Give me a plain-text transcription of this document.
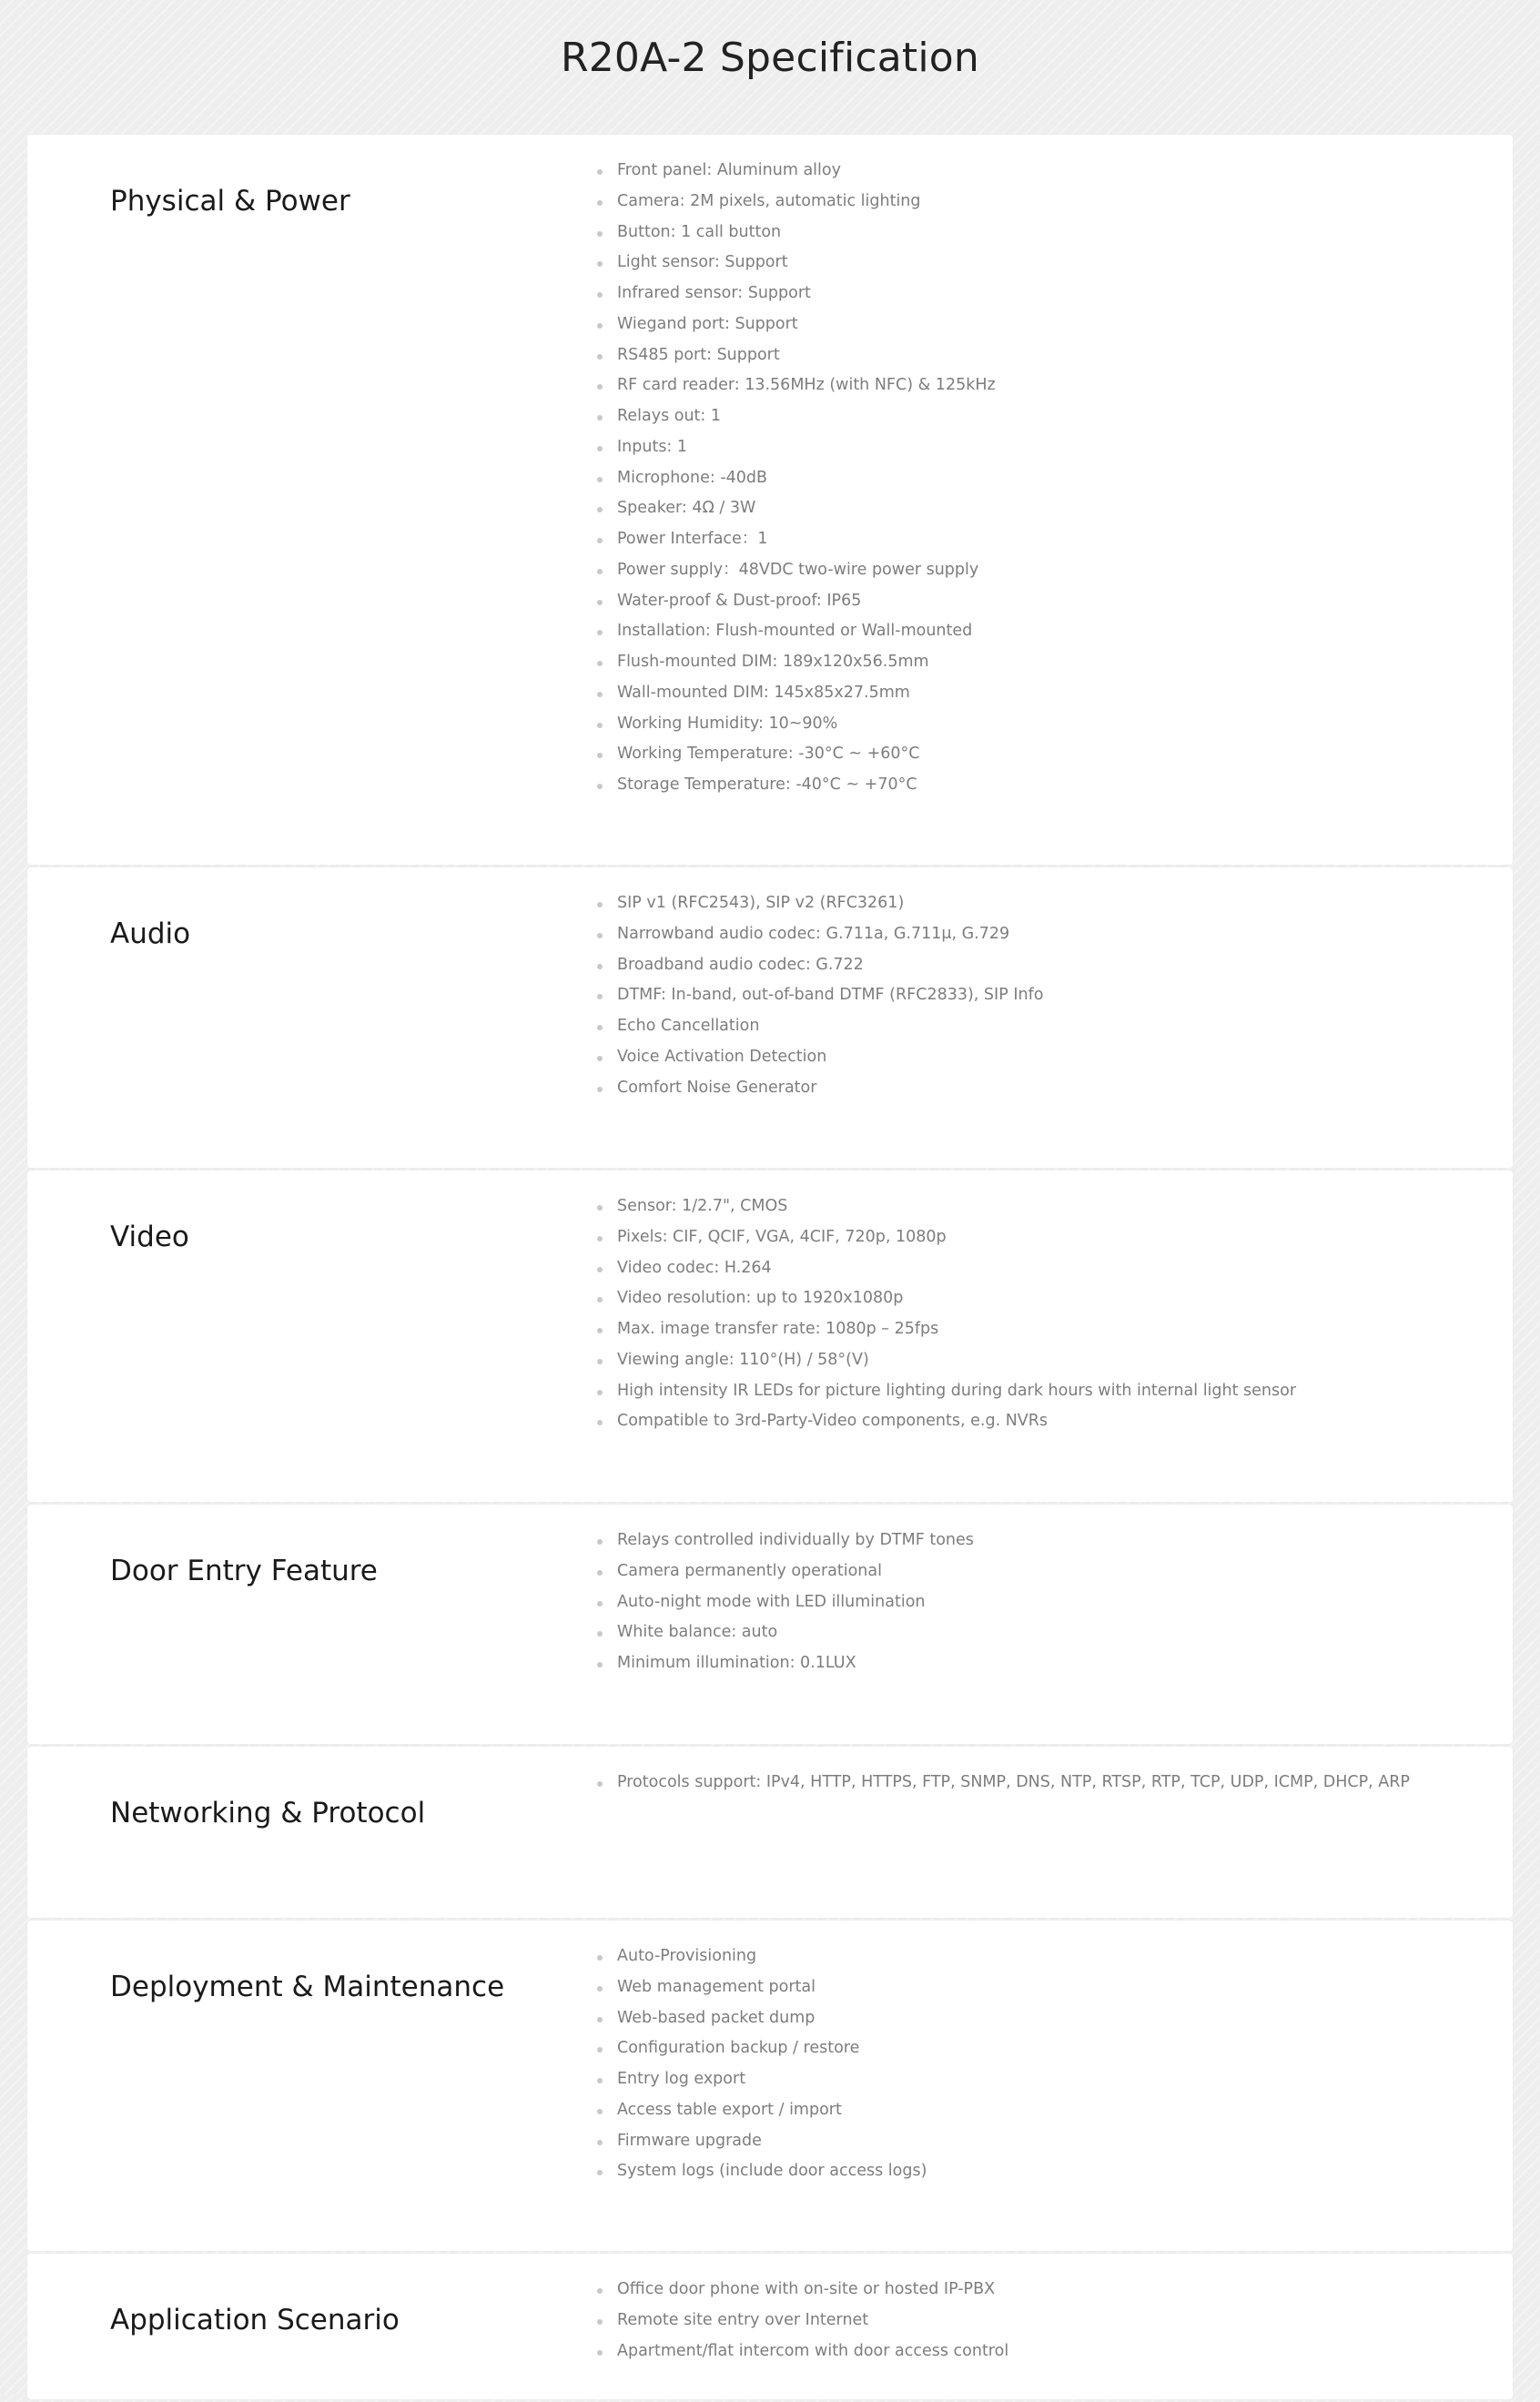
R20A-2 Specification
Physical & Power
Front panel: Aluminum alloy
Camera: 2M pixels, automatic lighting
Button: 1 call button
Light sensor: Support
Infrared sensor: Support
Wiegand port: Support
RS485 port: Support
RF card reader: 13.56MHz (with NFC) & 125kHz
Relays out: 1
Inputs: 1
Microphone: -40dB
Speaker: 4Ω / 3W
Power Interface：1
Power supply：48VDC two-wire power supply
Water-proof & Dust-proof: IP65
Installation: Flush-mounted or Wall-mounted
Flush-mounted DIM: 189x120x56.5mm
Wall-mounted DIM: 145x85x27.5mm
Working Humidity: 10~90%
Working Temperature: -30°C ~ +60°C
Storage Temperature: -40°C ~ +70°C
Audio
SIP v1 (RFC2543), SIP v2 (RFC3261)
Narrowband audio codec: G.711a, G.711μ, G.729
Broadband audio codec: G.722
DTMF: In-band, out-of-band DTMF (RFC2833), SIP Info
Echo Cancellation
Voice Activation Detection
Comfort Noise Generator
Video
Sensor: 1/2.7", CMOS
Pixels: CIF, QCIF, VGA, 4CIF, 720p, 1080p
Video codec: H.264
Video resolution: up to 1920x1080p
Max. image transfer rate: 1080p – 25fps
Viewing angle: 110°(H) / 58°(V)
High intensity IR LEDs for picture lighting during dark hours with internal light sensor
Compatible to 3rd-Party-Video components, e.g. NVRs
Door Entry Feature
Relays controlled individually by DTMF tones
Camera permanently operational
Auto-night mode with LED illumination
White balance: auto
Minimum illumination: 0.1LUX
Networking & Protocol
Protocols support: IPv4, HTTP, HTTPS, FTP, SNMP, DNS, NTP, RTSP, RTP, TCP, UDP, ICMP, DHCP, ARP
Deployment & Maintenance
Auto-Provisioning
Web management portal
Web-based packet dump
Configuration backup / restore
Entry log export
Access table export / import
Firmware upgrade
System logs (include door access logs)
Application Scenario
Office door phone with on-site or hosted IP-PBX
Remote site entry over Internet
Apartment/flat intercom with door access control
